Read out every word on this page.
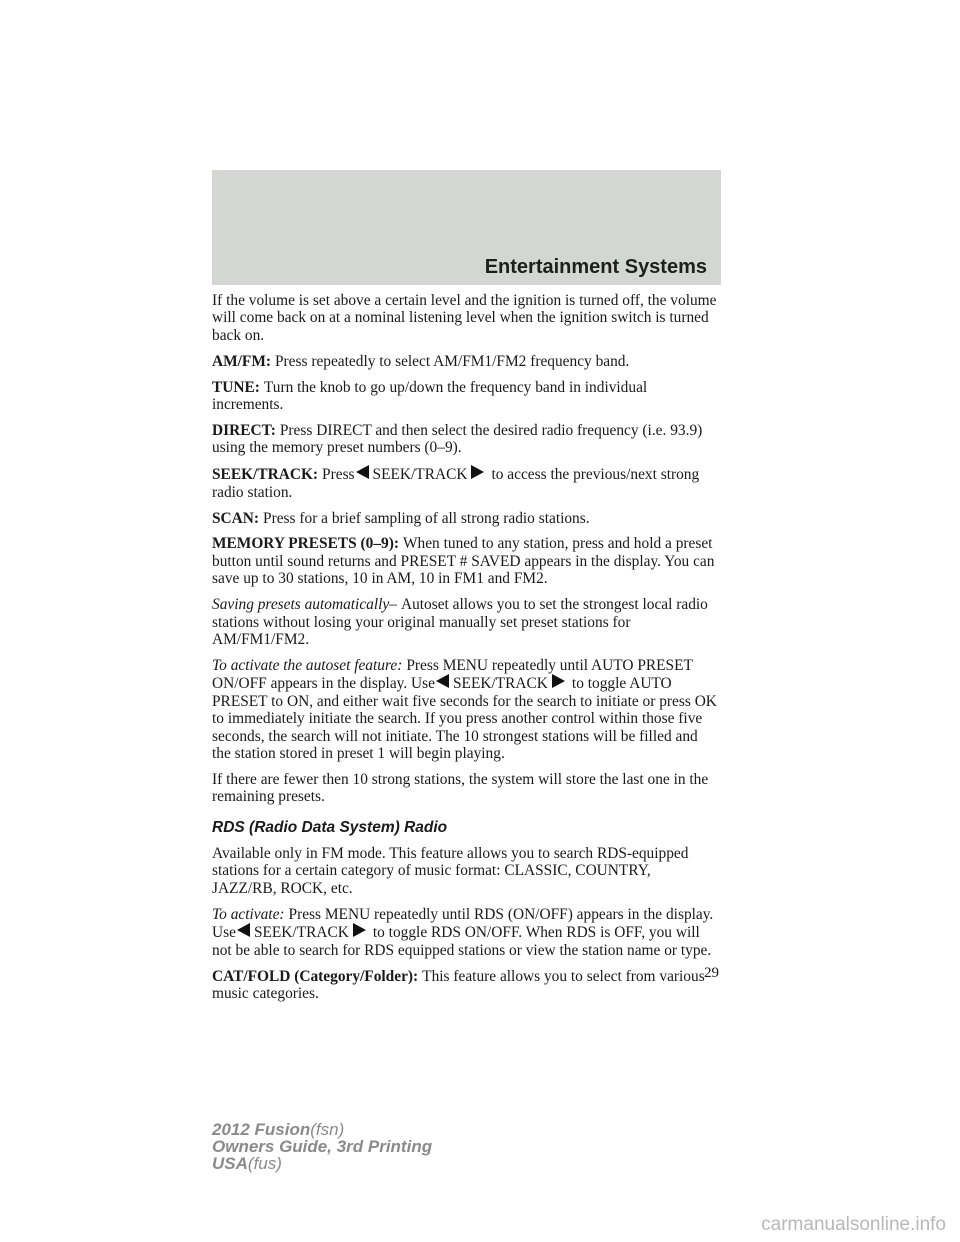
Entertainment Systems

If the volume is set above a certain level and the ignition is turned off, the volume will come back on at a nominal listening level when the ignition switch is turned back on.

AM/FM: Press repeatedly to select AM/FM1/FM2 frequency band.

TUNE: Turn the knob to go up/down the frequency band in individual increments.

DIRECT: Press DIRECT and then select the desired radio frequency (i.e. 93.9) using the memory preset numbers (0–9).

SEEK/TRACK: Press SEEK/TRACK to access the previous/next strong radio station.

SCAN: Press for a brief sampling of all strong radio stations.

MEMORY PRESETS (0–9): When tuned to any station, press and hold a preset button until sound returns and PRESET # SAVED appears in the display. You can save up to 30 stations, 10 in AM, 10 in FM1 and FM2.

Saving presets automatically– Autoset allows you to set the strongest local radio stations without losing your original manually set preset stations for AM/FM1/FM2.

To activate the autoset feature: Press MENU repeatedly until AUTO PRESET ON/OFF appears in the display. Use SEEK/TRACK to toggle AUTO PRESET to ON, and either wait five seconds for the search to initiate or press OK to immediately initiate the search. If you press another control within those five seconds, the search will not initiate. The 10 strongest stations will be filled and the station stored in preset 1 will begin playing.

If there are fewer then 10 strong stations, the system will store the last one in the remaining presets.

RDS (Radio Data System) Radio

Available only in FM mode. This feature allows you to search RDS-equipped stations for a certain category of music format: CLASSIC, COUNTRY, JAZZ/RB, ROCK, etc.

To activate: Press MENU repeatedly until RDS (ON/OFF) appears in the display. Use SEEK/TRACK to toggle RDS ON/OFF. When RDS is OFF, you will not be able to search for RDS equipped stations or view the station name or type.

CAT/FOLD (Category/Folder): This feature allows you to select from various music categories.

29
2012 Fusion(fsn)
Owners Guide, 3rd Printing
USA(fus)
carmanualsonline.info
